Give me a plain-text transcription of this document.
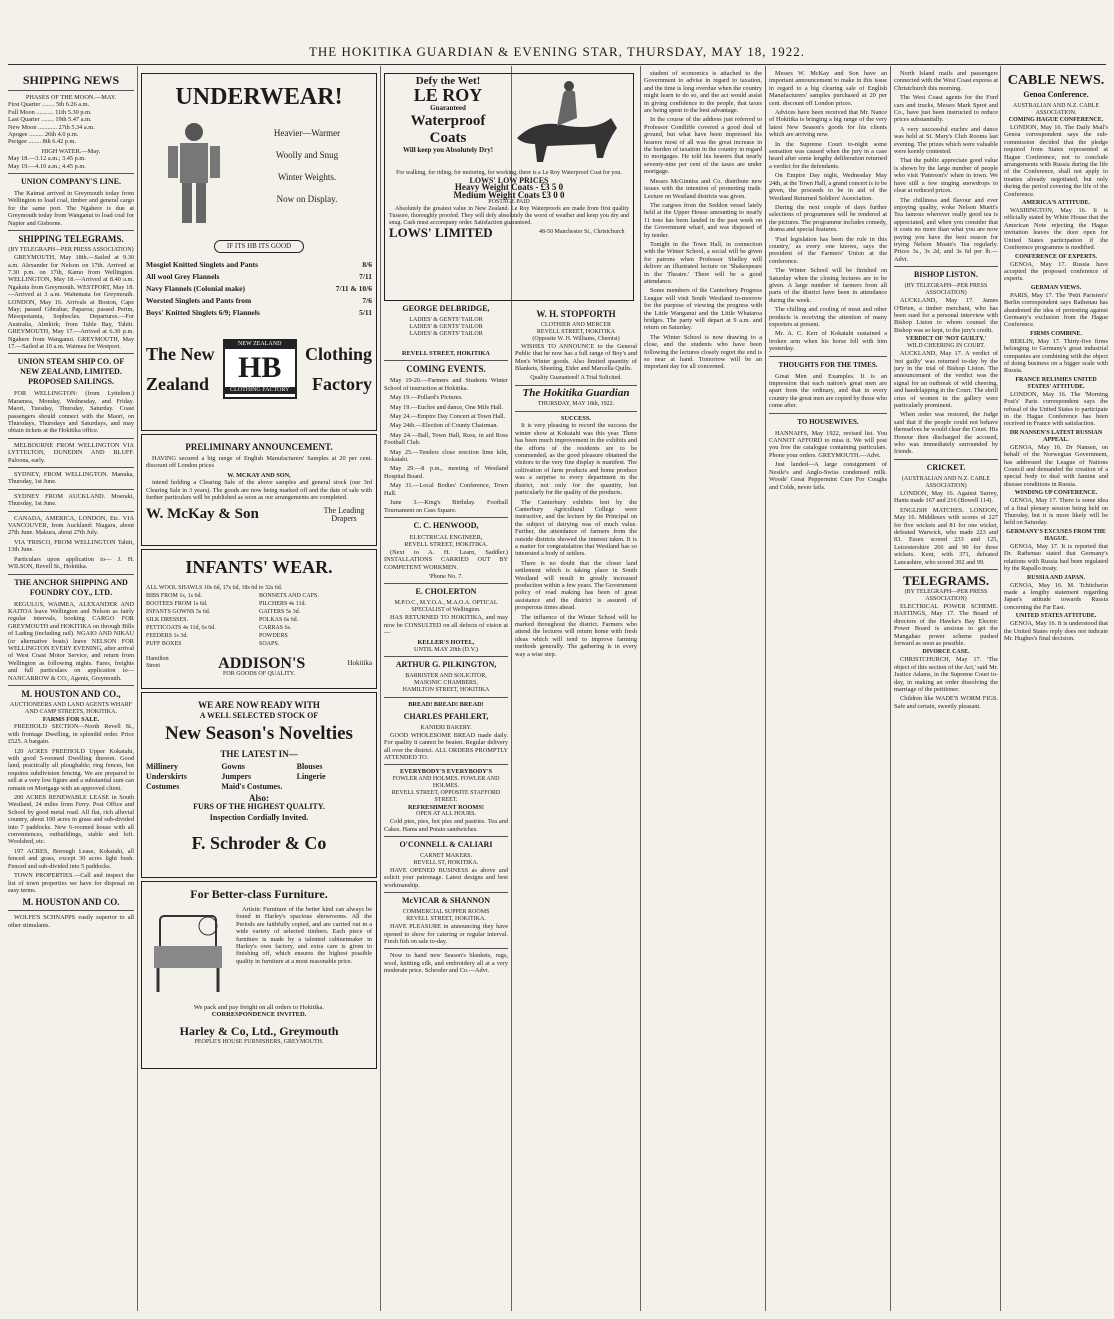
THE HOKITIKA GUARDIAN & EVENING STAR, THURSDAY, MAY 18, 1922.
SHIPPING NEWS
PHASES OF THE MOON.—MAY.
First Quarter ........ 5th 6.26 a.m.
Full Moon ........... 11th 5.30 p.m.
Last Quarter ........ 19th 5.47 a.m.
New Moon ............ 27th 5.34 a.m.
Apogee ......... 26th 4.0 p.m.
Perigee ........ 8th 6.42 p.m.
HIGH WATER.—May.
May 18.—3.12 a.m.; 3.45 p.m.
May 19.—4.10 a.m.; 4.45 p.m.
UNION COMPANY'S LINE.

The Kaimai arrived in Greymouth today from Wellington to load coal, timber and general cargo for the same port. The Ngahere is due at Greymouth today from Wanganui to load coal for Napier and Gisborne.

SHIPPING TELEGRAMS.
(BY TELEGRAPH—PER PRESS ASSOCIATION)

GREYMOUTH, May 18th.—Sailed at 9.30 a.m. Alexander for Nelson on 17th. Arrived at 7.30 p.m. on 17th, Kamo from Wellington. WELLINGTON, May 18.—Arrived at 8.40 a.m. Ngakuta from Greymouth. WESTPORT, May 18.—Arrived at 3 a.m. Waitemata for Greymouth. LONDON, May 16. Arrivals at Boston, Cape May; passed Gibraltar, Paparoa; passed Perim, Mesopotamia, Sophocles. Departures.—For Australia, Almkirk; from Table Bay, Tahiti. GREYMOUTH, May 17.—Arrived at 6.30 p.m. Ngahere from Wanganui. GREYMOUTH, May 17.—Sailed at 10 a.m. Waimea for Westport.

UNION STEAM SHIP CO. OF NEW ZEALAND, LIMITED. PROPOSED SAILINGS.

FOR WELLINGTON: (from Lyttelton.) Maramea, Monday, Wednesday, and Friday. Maori, Tuesday, Thursday, Saturday. Coast passengers should connect with the Maori, on Thursdays, Thursdays and Saturdays, and may obtain tickets at the Hokitika office.

MELBOURNE FROM WELLINGTON VIA LYTTELTON, DUNEDIN AND BLUFF. Paloona, early.

SYDNEY, FROM WELLINGTON. Manuka, Thursday, 1st June.

SYDNEY FROM AUCKLAND. Moeraki, Thursday, 1st June.

CANADA, AMERICA, LONDON, Etc. VIA VANCOUVER, from Auckland: Niagara, about 27th June. Makura, about 27th July.

VIA 'FRISCO, FROM WELLINGTON Tahiti, 13th June.

Particulars upon application to— J. H. WILSON, Revell St., Hokitika.

THE ANCHOR SHIPPING AND FOUNDRY COY., LTD.

REGULUS, WAIMEA, ALEXANDER AND KAITOA leave Wellington and Nelson as fairly regular intervals, booking CARGO FOR GREYMOUTH and HOKITIKA on through Bills of Lading (including rail). NGAIO AND NIKAU (or alternative boats) leave NELSON FOR WELLINGTON EVERY EVENING, after arrival of West Coast Motor Service, and return from Wellington as following nights. Fares, freights and full particulars on application to— NANCARROW & CO., Agents, Greymouth.

M. HOUSTON AND CO.,
AUCTIONEERS AND LAND AGENTS WHARF AND CAMP STREETS, HOKITIKA.
FARMS FOR SALE.

FREEHOLD SECTION—North Revell St., with frontage Dwelling, in splendid order. Price £525. A bargain.

120 ACRES FREEHOLD Upper Kokatahi, with good 5-roomed Dwelling thereon. Good land, practically all ploughable; ring fences, but requires subdivision fencing. We are prepared to sell at a very low figure and a substantial sum can remain on Mortgage with an approved client.

200 ACRES RENEWABLE LEASE in South Westland, 24 miles from Ferry. Post Office and School by good metal road. All flat, rich alluvial country, about 100 acres in grass and sub-divided into 7 paddocks. New 6-roomed house with all conveniences, outbuildings, stable and loft. Woolshed, etc.

197 ACRES, Borough Lease, Kokatahi, all fenced and grass, except 30 acres light bush. Fenced and sub-divided into 5 paddocks.

TOWN PROPERTIES.—Call and inspect the list of town properties we have for disposal on easy terms.

M. HOUSTON AND CO.

WOLFE'S SCHNAPPS vastly superior to all other stimulants.

UNDERWEAR!
Heavier—Warmer
Woolly and Snug
Winter Weights.
Now on Display.
IF ITS HB ITS GOOD
Mosgiel Knitted Singlets and Pants	8/6
All wool Grey Flannels	7/11
Navy Flannels (Colonial make)	7/11 & 10/6
Worsted Singlets and Pants from	7/6
Boys' Knitted Singlets 6/9; Flannels	5/11
The New
Zealand
NEW ZEALAND
HB
CLOTHING FACTORY
Clothing
Factory
PRELIMINARY ANNOUNCEMENT.

HAVING secured a big range of English Manufacturers' Samples at 20 per cent. discount off London prices

W. MCKAY AND SON,

intend holding a Clearing Sale of the above samples and general stock (our 3rd Clearing Sale in 3 years). The goods are now being marked off and the date of sale with further particulars will be published as soon as our arrangements are completed.

W. McKay & Son	The Leading Drapers
INFANTS' WEAR.
ALL WOOL SHAWLS 10s 6d, 17s 6d, 18s 6d to 32s 6d.
BIBS FROM 1s, 1s 6d.	BONNETS AND CAPS.
BOOTEES FROM 1s 6d.	PILCHERS 4s 11d.
INFANTS GOWNS 5s 6d.	GAITERS 5s 3d.
SILK DRESSES.	POLKAS 6s 6d.
PETTICOATS 4s 11d, 6s 6d.	CARRAS 6s.
FEEDERS 1s 3d.	POWDERS
PUFF BOXES	SOAPS.
Hamilton Street	ADDISON'S	Hokitika
FOR GOODS OF QUALITY.
WE ARE NOW READY WITH
A WELL SELECTED STOCK OF
New Season's Novelties
THE LATEST IN—
Millinery	Gowns	Blouses
Underskirts	Jumpers	Lingerie
Costumes	Maid's Costumes.
Also:
FURS OF THE HIGHEST QUALITY.
Inspection Cordially Invited.
F. Schroder & Co
For Better-class Furniture.

Artistic Furniture of the better kind can always be found in Harley's spacious showrooms. All the Periods are faithfully copied, and are carried out in a wide variety of selected timbers. Each piece of furniture is made by a talented cabinetmaker in Harley's own factory, and extra care is given to finishing off, which ensures the highest possible quality in furniture at a most reasonable price.

We pack and pay freight on all orders to Hokitika.
CORRESPONDENCE INVITED.
Harley & Co, Ltd., Greymouth
PEOPLE'S HOUSE FURNISHERS, GREYMOUTH.
Defy the Wet!
LE ROY
Guaranteed
Waterproof
Coats
Will keep you Absolutely Dry!
For walking, for riding, for motoring, for working, there is a Le Roy Waterproof Coat for you.
LOWS' LOW PRICES
Heavy Weight Coats - £3 5 0
Medium Weight Coats £3 0 0
POSTAGE PAID

Absolutely the greatest value in New Zealand. Le Roy Waterproofs are made from first quality Tussore, thoroughly proofed. They will defy absolutely the worst of weather and keep you dry and snug. Cash must accompany order. Satisfaction guaranteed.

LOWS' LIMITED	48-50 Manchester St., Christchurch
GEORGE DELBRIDGE,
LADIES' & GENTS' TAILOR
LADIES' & GENTS' TAILOR
LADIES' & GENTS' TAILOR
REVELL STREET, HOKITIKA
COMING EVENTS.

May 19-20.—Farmers and Students Winter School of instruction at Hokitika.

May 19.—Pollard's Pictures.

May 19.—Euchre and dance, One Mile Hall.

May 24.—Empire Day Concert at Town Hall.

May 24th.—Election of County Chairman.

May 24.—Ball, Town Hall, Ross, in aid Ross Football Club.

May 25.—Tenders close erection lime kiln, Kokatahi.

May 29.—8 p.m., meeting of Westland Hospital Board.

May 31.—Local Bodies' Conference, Town Hall.

June 3.—King's Birthday. Football Tournament on Cass Square.

C. C. HENWOOD,
ELECTRICAL ENGINEER,
REVELL STREET, HOKITIKA.

(Next to A. H. Learn, Saddler.) INSTALLATIONS CARRIED OUT BY COMPETENT WORKMEN.

'Phone No. 7.
E. CHOLERTON
M.P.O.C., M.Y.O.A., M.A.O.A. OPTICAL SPECIALIST of Wellington.

HAS RETURNED TO HOKITIKA, and may now be CONSULTED on all defects of vision at—

KELLER'S HOTEL,
UNTIL MAY 20th (D.V.)
ARTHUR G. PILKINGTON,
BARRISTER AND SOLICITOR,
MASONIC CHAMBERS,
HAMILTON STREET, HOKITIKA
BREAD! BREAD! BREAD!
CHARLES PFAHLERT,
KANIERI BAKERY.

GOOD WHOLESOME BREAD made daily. For quality it cannot be beaten. Regular delivery all over the district. ALL ORDERS PROMPTLY ATTENDED TO.

EVERYBODY'S EVERYBODY'S
FOWLER AND HOLMES. FOWLER AND HOLMES.
REVELL STREET, OPPOSITE STAFFORD STREET.
REFRESHMENT ROOMS!
OPEN AT ALL HOURS.

Cold pies, pies, hot pies and pastries. Tea and Cakes. Hams and Potato sandwiches.

O'CONNELL & CALIARI
CARNET MAKERS.
REVELL ST, HOKITIKA.

HAVE OPENED BUSINESS as above and solicit your patronage. Latest designs and best workmanship.

McVICAR & SHANNON
COMMERCIAL SUPPER ROOMS
REVELL STREET, HOKITIKA.

HAVE PLEASURE in announcing they have opened to show for catering or regular interval. Fresh fish on sale to-day.

Now to hand new Season's blankets, rugs, wool, knitting silk, and embroidery all at a very moderate price. Schroder and Co.—Advt.

W. H. STOPFORTH
CLOTHIER AND MERCER
REVELL STREET, HOKITIKA
(Opposite W. H. Williams, Chemist)

WISHES TO ANNOUNCE to the General Public that he now has a full range of Boy's and Men's Winter goods. Also limited quantity of Blankets, Sheeting, Eider and Marcella Quilts.

Quality Guaranteed! A Trial Solicited.
The Hokitika Guardian
THURSDAY, MAY 18th, 1922.
SUCCESS.

It is very pleasing to record the success the winter show at Kokatahi was this year. There has been much improvement in the exhibits and the efforts of the residents are to be commended, as the good pleasure obtained the visitors to the very fine display is manifest. The cultivation of farm products and home produce was a surprise to every department in the district, not only for the quantity, but particularly for the quality of the products.

The Canterbury exhibits lent by the Canterbury Agricultural College were instructive, and the lecture by the Principal on the subject of dairying was of much value. Further, the attendance of farmers from the outside districts showed the interest taken. It is a matter for congratulation that Westland has so interested a body of settlers.

There is no doubt that the closer land settlement which is taking place in South Westland will result in greatly increased production within a few years. The Government policy of road making has been of great assistance and the district is assured of prosperous times ahead.

The influence of the Winter School will be marked throughout the district. Farmers who attend the lectures will return home with fresh ideas which will tend to improve farming methods generally. The gathering is in every way a wise step.

student of economics is attached to the Government to advise in regard to taxation, and the time is long overdue when the country might learn to do so, and the act would assist in giving confidence to the people, that taxes are being spent to the best advantage.

In the course of the address just referred to Professor Condliffe covered a good deal of ground, but what have been impressed his hearers most of all was the great increase in the burden of taxation in the country in regard to mortgages. He told his hearers that nearly seventy-nine per cent of the taxes are under mortgage.

Messrs McGinniss and Co. distribute new issues with the intention of promoting trade. Lecture on Westland districts was given.

The cargoes from the Seddon vessel lately held at the Upper House amounting to nearly 11 tons has been landed in the past week on the Government wharf, and was disposed of by tender.

Tonight in the Town Hall, in connection with the Winter School, a social will be given for patrons when Professor Shelley will deliver an illustrated lecture on 'Shakespeare in the Theatre.' There will be a good attendance.

Some members of the Canterbury Progress League will visit South Westland to-morrow for the purpose of viewing the progress with the Little Wanganui and the Little Whataroa bridges. The party will depart at 9 a.m. and return on Saturday.

The Winter School is now drawing to a close, and the students who have been following the lectures closely regret the end is so near at hand. Tomorrow will be an important day for all concerned.

Messrs W. McKay and Son have an important announcement to make in this issue in regard to a big clearing sale of English Manufacturers' samples purchased at 20 per cent. discount off London prices.

Advices have been received that Mr. Nance of Hokitika is bringing a big range of the very latest New Season's goods for his clients which are arriving now.

In the Supreme Court to-night some sensation was caused when the jury in a case heard after some lengthy deliberation returned a verdict for the defendants.

On Empire Day night, Wednesday May 24th, at the Town Hall, a grand concert is to be given, the proceeds to be in aid of the Westland Returned Soldiers' Association.

During the next couple of days further selections of programmes will be rendered at the pictures. The programme includes comedy, drama and special features.

'Fuel legislation has been the rule in this country,' as every one knows, says the president of the Farmers' Union at the conference.

The Winter School will be finished on Saturday when the closing lectures are to be given. A large number of farmers from all parts of the district have been in attendance during the week.

The chilling and cooling of meat and other products is receiving the attention of many exporters at present.

Mr. A. C. Kerr of Kokatahi sustained a broken arm when his horse fell with him yesterday.

THOUGHTS FOR THE TIMES.

Great Men and Examples. It is an impression that each nation's great men are apart from the ordinary, and that in every country the great men are copied by those who come after.

TO HOUSEWIVES.

HANNAH'S, May 1922, revised list. You CANNOT AFFORD to miss it. We will post you free the catalogue containing particulars. Phone your orders. GREYMOUTH.—Advt.

Just landed—A large consignment of Nestle's and Anglo-Swiss condensed milk. Woods' Great Peppermint Cure For Coughs and Colds, never fails.

North Island mails and passengers connected with the West Coast express at Christchurch this morning.

The West Coast agents for the Ford cars and trucks, Messrs Mark Sprot and Co., have just been instructed to reduce prices substantially.

A very successful euchre and dance was held at St. Mary's Club Rooms last evening. The prizes which were valuable were keenly contested.

That the public appreciate good value is shown by the large number of people who visit 'Paterson's' when in town. We have still a few singing snowdrops to clear at reduced prices.

The chilliness and flavour and ever enjoying quality, woke Nelson Muett's Tea famous wherever really good tea is appreciated, and when you consider that it costs no more than what you are now paying you have the best reason for trying Nelson Moate's Tea regularly. Prices 3s., 3s 2d, and 3s 6d per lb.—Advt.

BISHOP LISTON.
(BY TELEGRAPH—PER PRESS ASSOCIATION)

AUCKLAND, May 17. James O'Brien, a timber merchant, who has been sued for a personal interview with Bishop Liston to whom counsel the Bishop was so kept, to the jury's credit.

VERDICT OF 'NOT GUILTY.'
WILD CHEERING IN COURT.

AUCKLAND, May 17. A verdict of 'not guilty' was returned to-day by the jury in the trial of Bishop Liston. The announcement of the verdict was the signal for an outbreak of wild cheering, and handclapping in the Court. The shrill cries of women in the gallery were particularly prominent.

When order was restored, the Judge said that if the people could not behave themselves he would clear the Court. His Honour then discharged the accused, who was immediately surrounded by friends.

CRICKET.
(AUSTRALIAN AND N.Z. CABLE ASSOCIATION)

LONDON, May 16. Against Surrey, Hants made 167 and 216 (Bowell 114).

ENGLISH MATCHES. LONDON, May 16. Middlesex with scores of 227 for five wickets and 81 for one wicket, defeated Warwick, who made 223 and 83. Essex scored 233 and 125, Leicestershire 266 and 90 for three wickets. Kent, with 371, defeated Lancashire, who scored 302 and 99.

TELEGRAMS.
(BY TELEGRAPH—PER PRESS ASSOCIATION)

ELECTRICAL POWER SCHEME. HASTINGS, May 17. The Board of directors of the Hawke's Bay Electric Power Board is anxious to get the Mangahao power scheme pushed forward as soon as possible.

DIVORCE CASE.

CHRISTCHURCH, May 17. 'The object of this section of the Act,' said Mr. Justice Adams, in the Supreme Court to-day, in making an order dissolving the marriage of the petitioner.

Children like WADE'S WORM FIGS. Safe and certain, sweetly pleasant.

CABLE NEWS.
Genoa Conference.
AUSTRALIAN AND N.Z. CABLE ASSOCIATION.
COMING HAGUE CONFERENCE.

LONDON, May 16. The Daily Mail's Genoa correspondent says the sub-commission decided that the pledge required from States represented at Hague Conference, not to conclude arrangements with Russia during the life of the Conference, shall not apply to treaties already negotiated, but only during the period covering the life of the Conference.

AMERICA'S ATTITUDE.

WASHINGTON, May 16. It is officially stated by White House that the American Note rejecting the Hague invitation leaves the door open for United States participation if the Conference programme is modified.

CONFERENCE OF EXPERTS.

GENOA, May 17. Russia have accepted the proposed conference of experts.

GERMAN VIEWS.

PARIS, May 17. The 'Petit Parisien's' Berlin correspondent says Rathenau has abandoned the idea of protesting against Germany's exclusion from the Hague Conference.

FIRMS COMBINE.

BERLIN, May 17. Thirty-five firms belonging to Germany's great industrial companies are combining with the object of doing business on a bigger scale with Russia.

FRANCE RELISHES UNITED STATES' ATTITUDE.

LONDON, May 16. The 'Morning Post's' Paris correspondent says the refusal of the United States to participate in the Hague Conference has been received in France with satisfaction.

DR NANSEN'S LATEST RUSSIAN APPEAL.

GENOA, May 16. Dr Nansen, on behalf of the Norwegian Government, has addressed the League of Nations Council and demanded the creation of a special body to deal with famine and disease conditions in Russia.

WINDING UP CONFERENCE.

GENOA, May 17. There is some idea of a final plenary session being held on Thursday, but it is more likely will be held on Saturday.

GERMANY'S EXCUSES FROM THE HAGUE.

GENOA, May 17. It is reported that Dr. Rathenau stated that Germany's relations with Russia had been regulated by the Rapallo treaty.

RUSSIA AND JAPAN.

GENOA, May 16. M. Tchitcherin made a lengthy statement regarding Japan's attitude towards Russia concerning the Far East.

UNITED STATES ATTITUDE.

GENOA, May 16. It is understood that the United States reply does not indicate Mr. Hughes's final decision.
